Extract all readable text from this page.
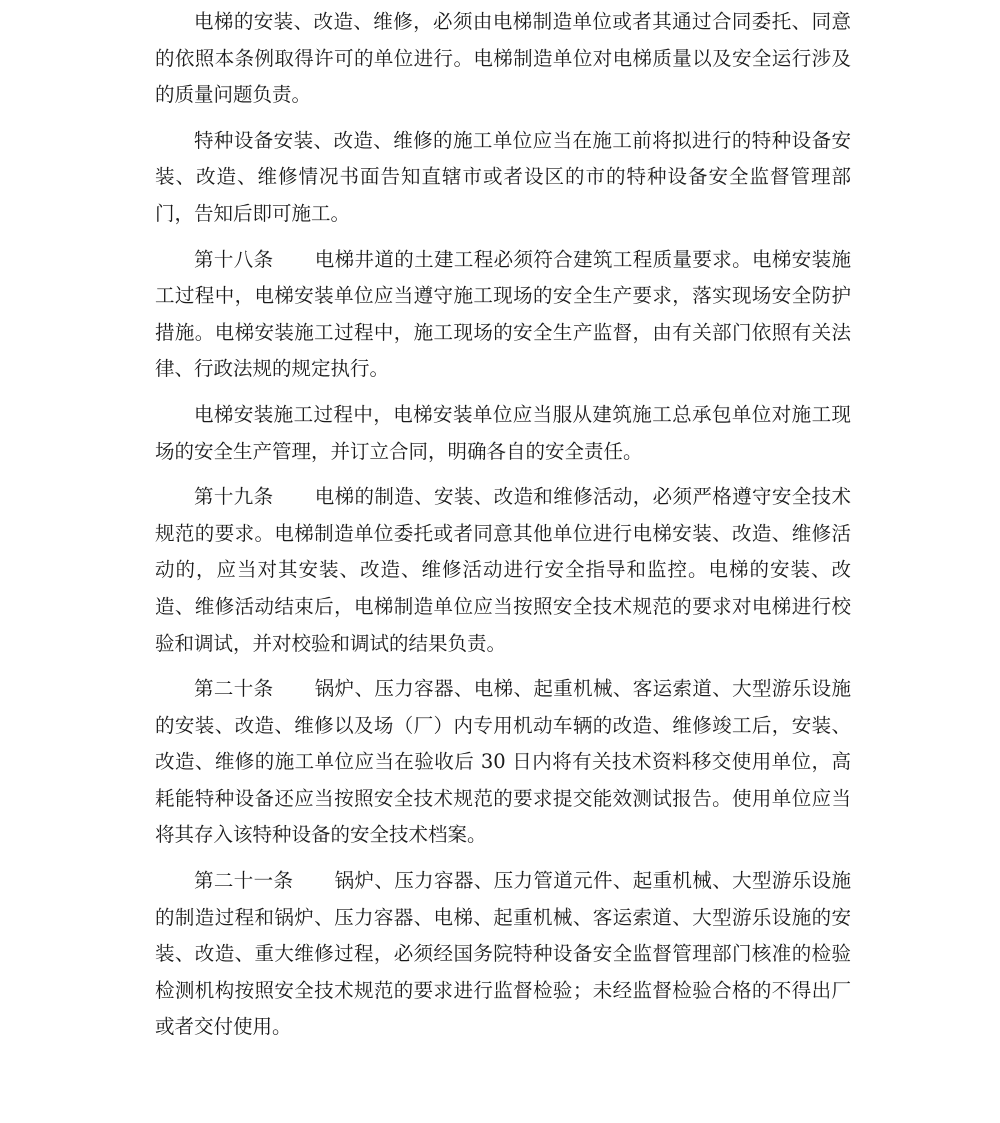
电梯的安装、改造、维修，必须由电梯制造单位或者其通过合同委托、同意的依照本条例取得许可的单位进行。电梯制造单位对电梯质量以及安全运行涉及的质量问题负责。

特种设备安装、改造、维修的施工单位应当在施工前将拟进行的特种设备安装、改造、维修情况书面告知直辖市或者设区的市的特种设备安全监督管理部门，告知后即可施工。

第十八条 电梯井道的土建工程必须符合建筑工程质量要求。电梯安装施工过程中，电梯安装单位应当遵守施工现场的安全生产要求，落实现场安全防护措施。电梯安装施工过程中，施工现场的安全生产监督，由有关部门依照有关法律、行政法规的规定执行。

电梯安装施工过程中，电梯安装单位应当服从建筑施工总承包单位对施工现场的安全生产管理，并订立合同，明确各自的安全责任。

第十九条 电梯的制造、安装、改造和维修活动，必须严格遵守安全技术规范的要求。电梯制造单位委托或者同意其他单位进行电梯安装、改造、维修活动的，应当对其安装、改造、维修活动进行安全指导和监控。电梯的安装、改造、维修活动结束后，电梯制造单位应当按照安全技术规范的要求对电梯进行校验和调试，并对校验和调试的结果负责。

第二十条 锅炉、压力容器、电梯、起重机械、客运索道、大型游乐设施的安装、改造、维修以及场（厂）内专用机动车辆的改造、维修竣工后，安装、改造、维修的施工单位应当在验收后 30 日内将有关技术资料移交使用单位，高耗能特种设备还应当按照安全技术规范的要求提交能效测试报告。使用单位应当将其存入该特种设备的安全技术档案。

第二十一条 锅炉、压力容器、压力管道元件、起重机械、大型游乐设施的制造过程和锅炉、压力容器、电梯、起重机械、客运索道、大型游乐设施的安装、改造、重大维修过程，必须经国务院特种设备安全监督管理部门核准的检验检测机构按照安全技术规范的要求进行监督检验；未经监督检验合格的不得出厂或者交付使用。
